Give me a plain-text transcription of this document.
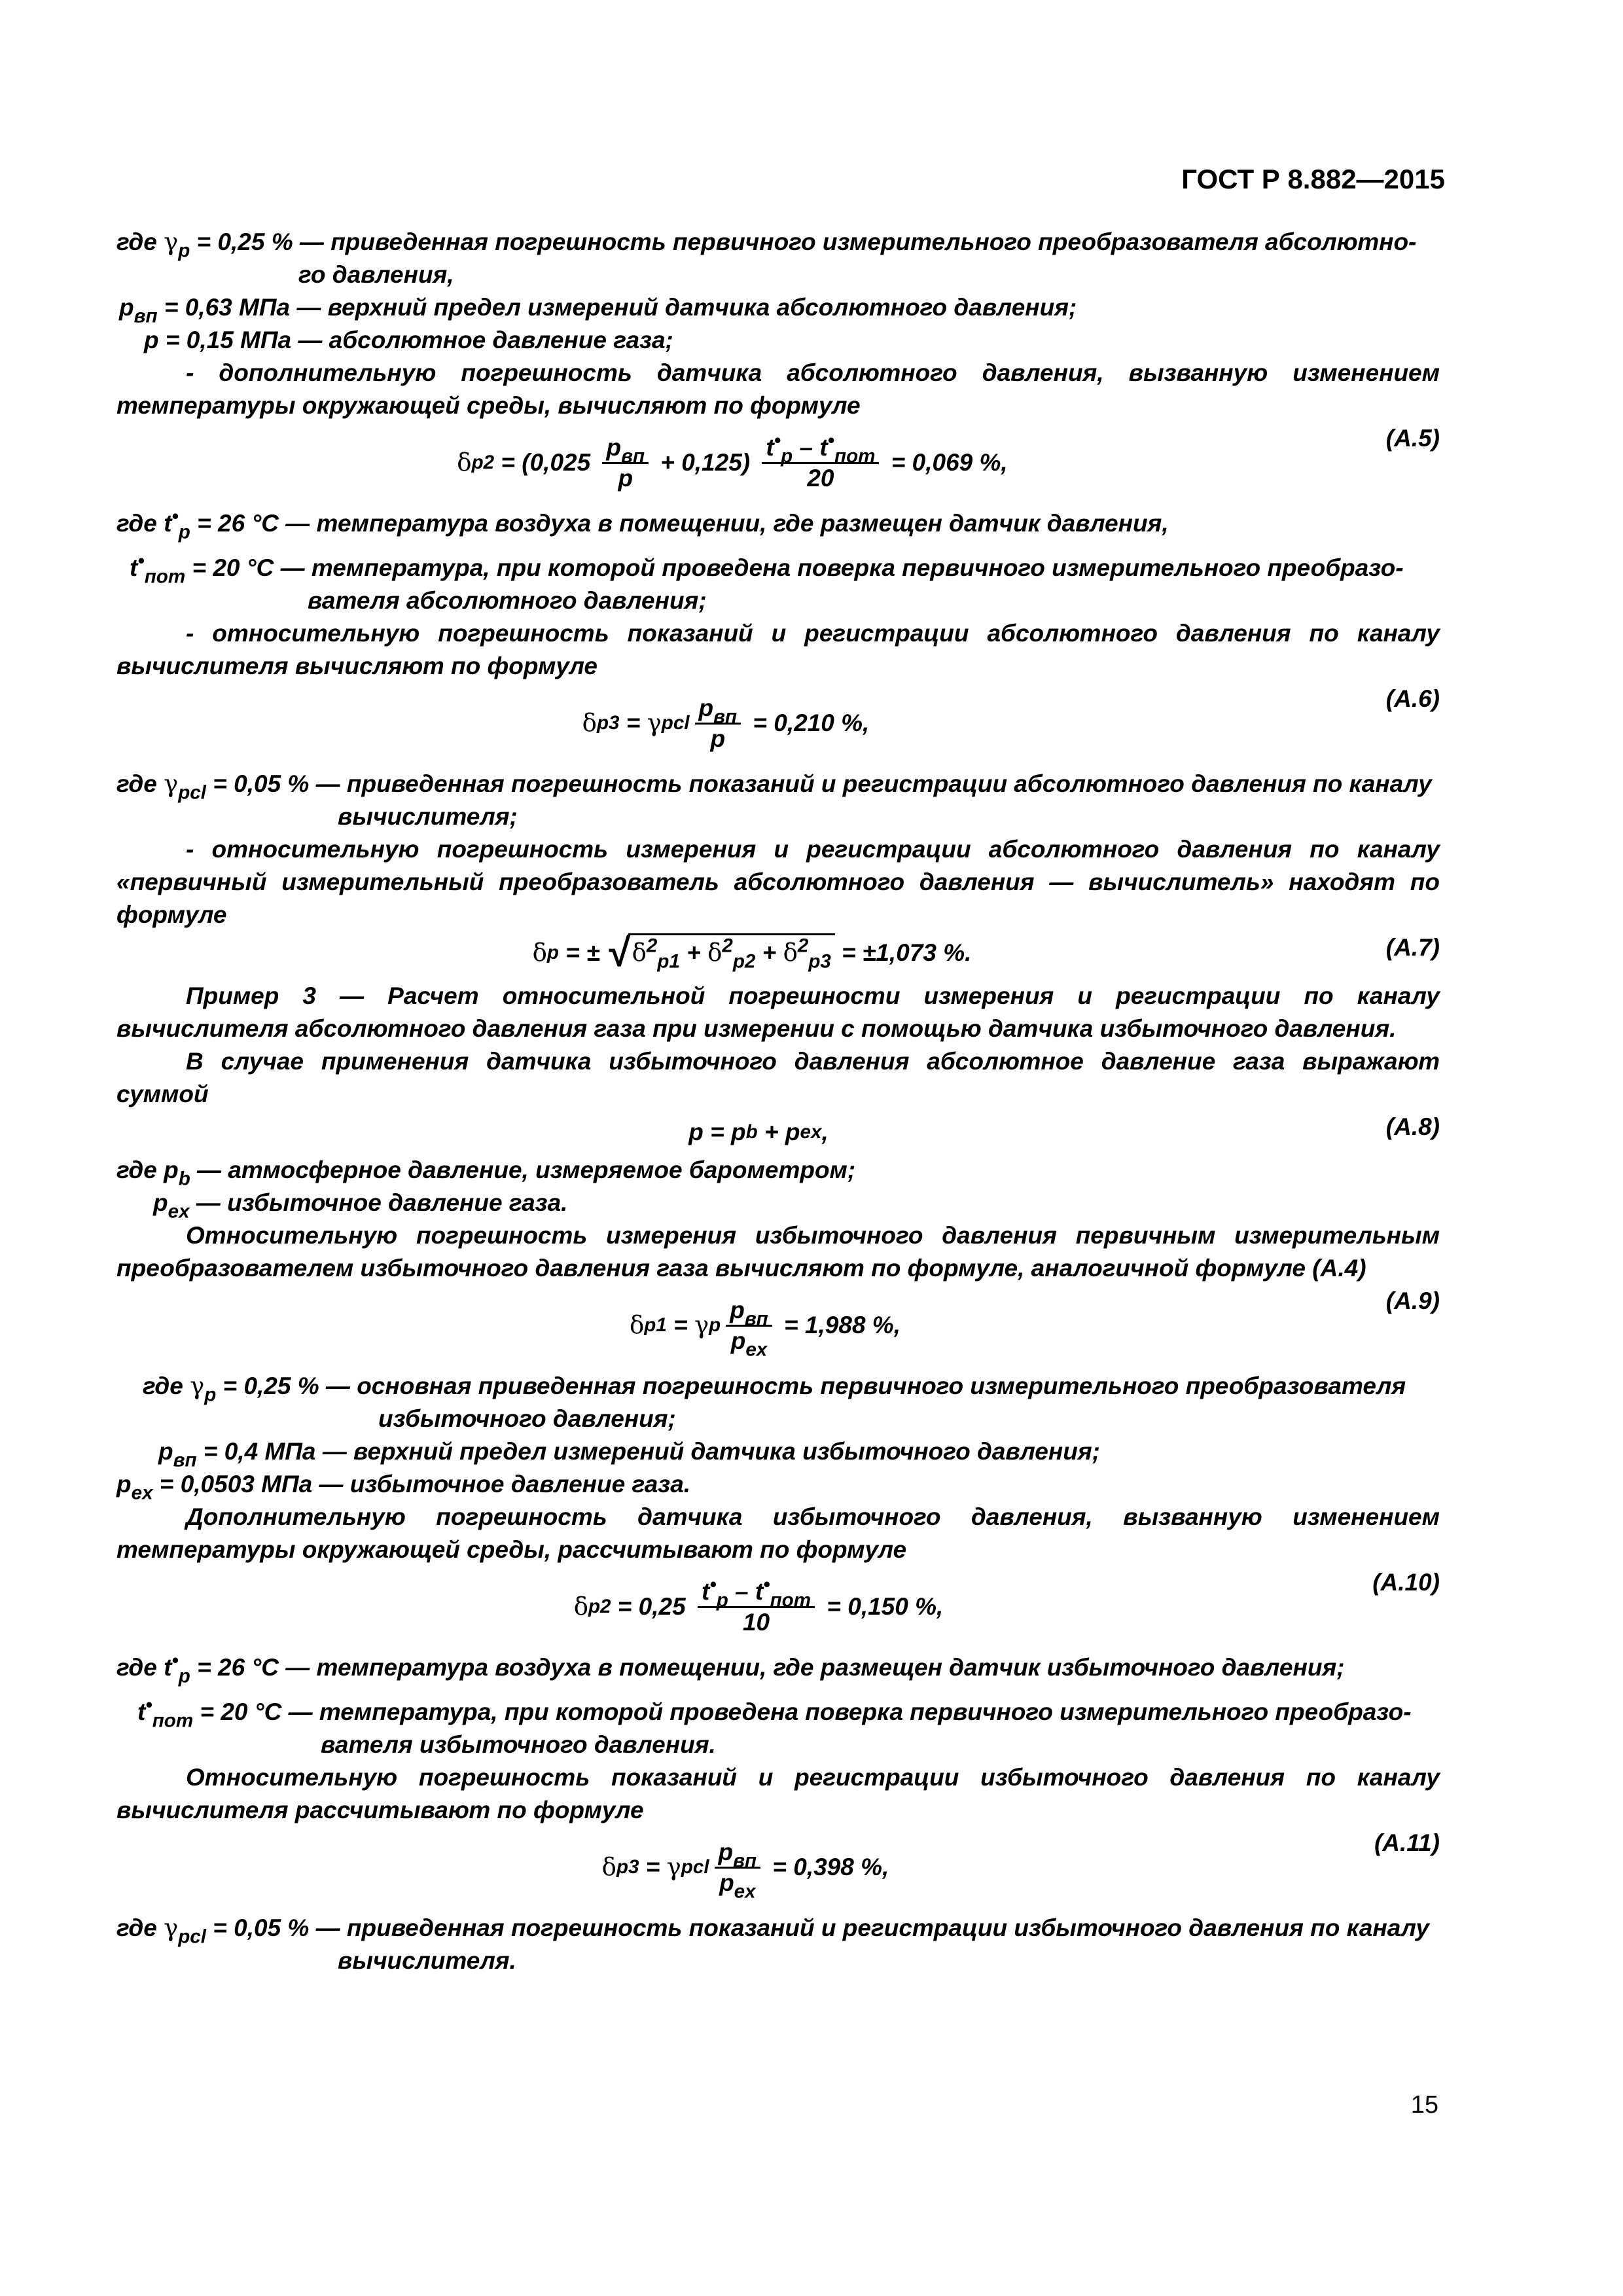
ГОСТ Р 8.882—2015
где $\gamma_p = 0,25$ % — приведенная погрешность первичного измерительного преобразователя абсолютно-
го давления,
$p_{вп} = 0,63$ МПа — верхний предел измерений датчика абсолютного давления;
p = 0,15 МПа — абсолютное давление газа;
- дополнительную погрешность датчика абсолютного давления, вызванную изменением температуры окружающей среды, вычисляют по формуле
δ $p2 = (0,025 \frac{p_{вп}}{p} + 0,125) \frac{t^•_p - t^•_{пот}}{20} = 0,069$ %,
(A.5)
где $t^•_p = 26$ °С — температура воздуха в помещении, где размещен датчик давления,
$t^•_{пот} = 20$ °С — температура, при которой проведена поверка первичного измерительного преобразо-
вателя абсолютного давления;
- относительную погрешность показаний и регистрации абсолютного давления по каналу вычислителя вычисляют по формуле
δ p3 = γ pcl $\frac{p_{вп}}{p} = 0,210$ %,
(A.6)
где $\gamma_{pcl} = 0,05$ % — приведенная погрешность показаний и регистрации абсолютного давления по каналу
вычислителя;
- относительную погрешность измерения и регистрации абсолютного давления по каналу «первичный измерительный преобразователь абсолютного давления — вычислитель» находят по формуле
δ p = ± √ $\delta^2_{p1} + \delta^2_{p2} + \delta^2_{p3} = \pm 1,073$ %.	(A.7)
Пример 3 — Расчет относительной погрешности измерения и регистрации по каналу вычислителя абсолютного давления газа при измерении с помощью датчика избыточного давления.
В случае применения датчика избыточного давления абсолютное давление газа выражают суммой
p = p b + p ex ,	(A.8)
где $p_b$ — атмосферное давление, измеряемое барометром;
$p_{ex}$ — избыточное давление газа.
Относительную погрешность измерения избыточного давления первичным измерительным преобразователем избыточного давления газа вычисляют по формуле, аналогичной формуле (A.4)
δ p1 = γ p $\frac{p_{вп}}{p_{ex}} = 1,988$ %,
(A.9)
где $\gamma_p = 0,25$ % — основная приведенная погрешность первичного измерительного преобразователя
избыточного давления;
$p_{вп} = 0,4$ МПа — верхний предел измерений датчика избыточного давления;
$p_{ex} = 0,0503$ МПа — избыточное давление газа.
Дополнительную погрешность датчика избыточного давления, вызванную изменением температуры окружающей среды, рассчитывают по формуле
δ $p2 = 0,25 \frac{t^•_p - t^•_{пот}}{10} = 0,150$ %,
(A.10)
где $t^•_p = 26$ °С — температура воздуха в помещении, где размещен датчик избыточного давления;
$t^•_{пот} = 20$ °С — температура, при которой проведена поверка первичного измерительного преобразо-
вателя избыточного давления.
Относительную погрешность показаний и регистрации избыточного давления по каналу вычислителя рассчитывают по формуле
δ p3 = γ pcl $\frac{p_{вп}}{p_{ex}} = 0,398$ %,
(A.11)
где $\gamma_{pcl} = 0,05$ % — приведенная погрешность показаний и регистрации избыточного давления по каналу
вычислителя.
15
